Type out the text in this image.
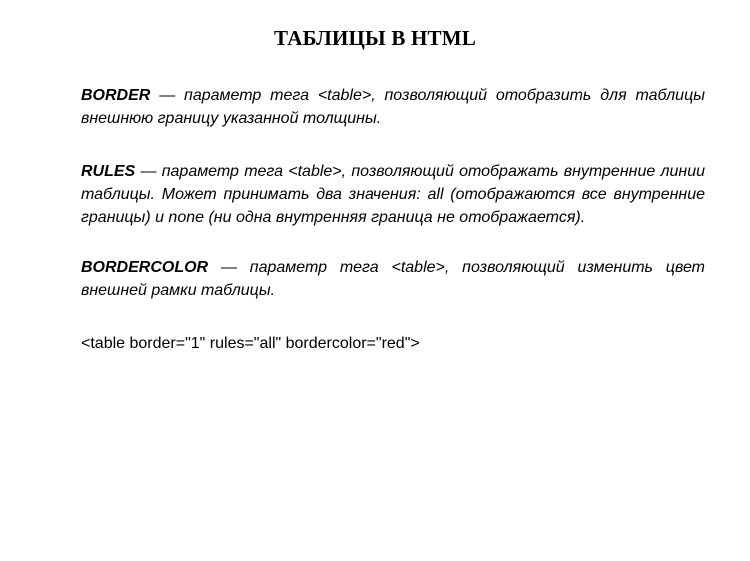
ТАБЛИЦЫ В HTML

BORDER — параметр тега <table>, позволяющий отобразить для таблицы внешнюю границу указанной толщины.

RULES — параметр тега <table>, позволяющий отображать внутренние линии таблицы. Может принимать два значения: all (отображаются все внутренние границы) и none (ни одна внутренняя граница не отображается).

BORDERCOLOR — параметр тега <table>, позволяющий изменить цвет внешней рамки таблицы.

<table border="1" rules="all" bordercolor="red">
